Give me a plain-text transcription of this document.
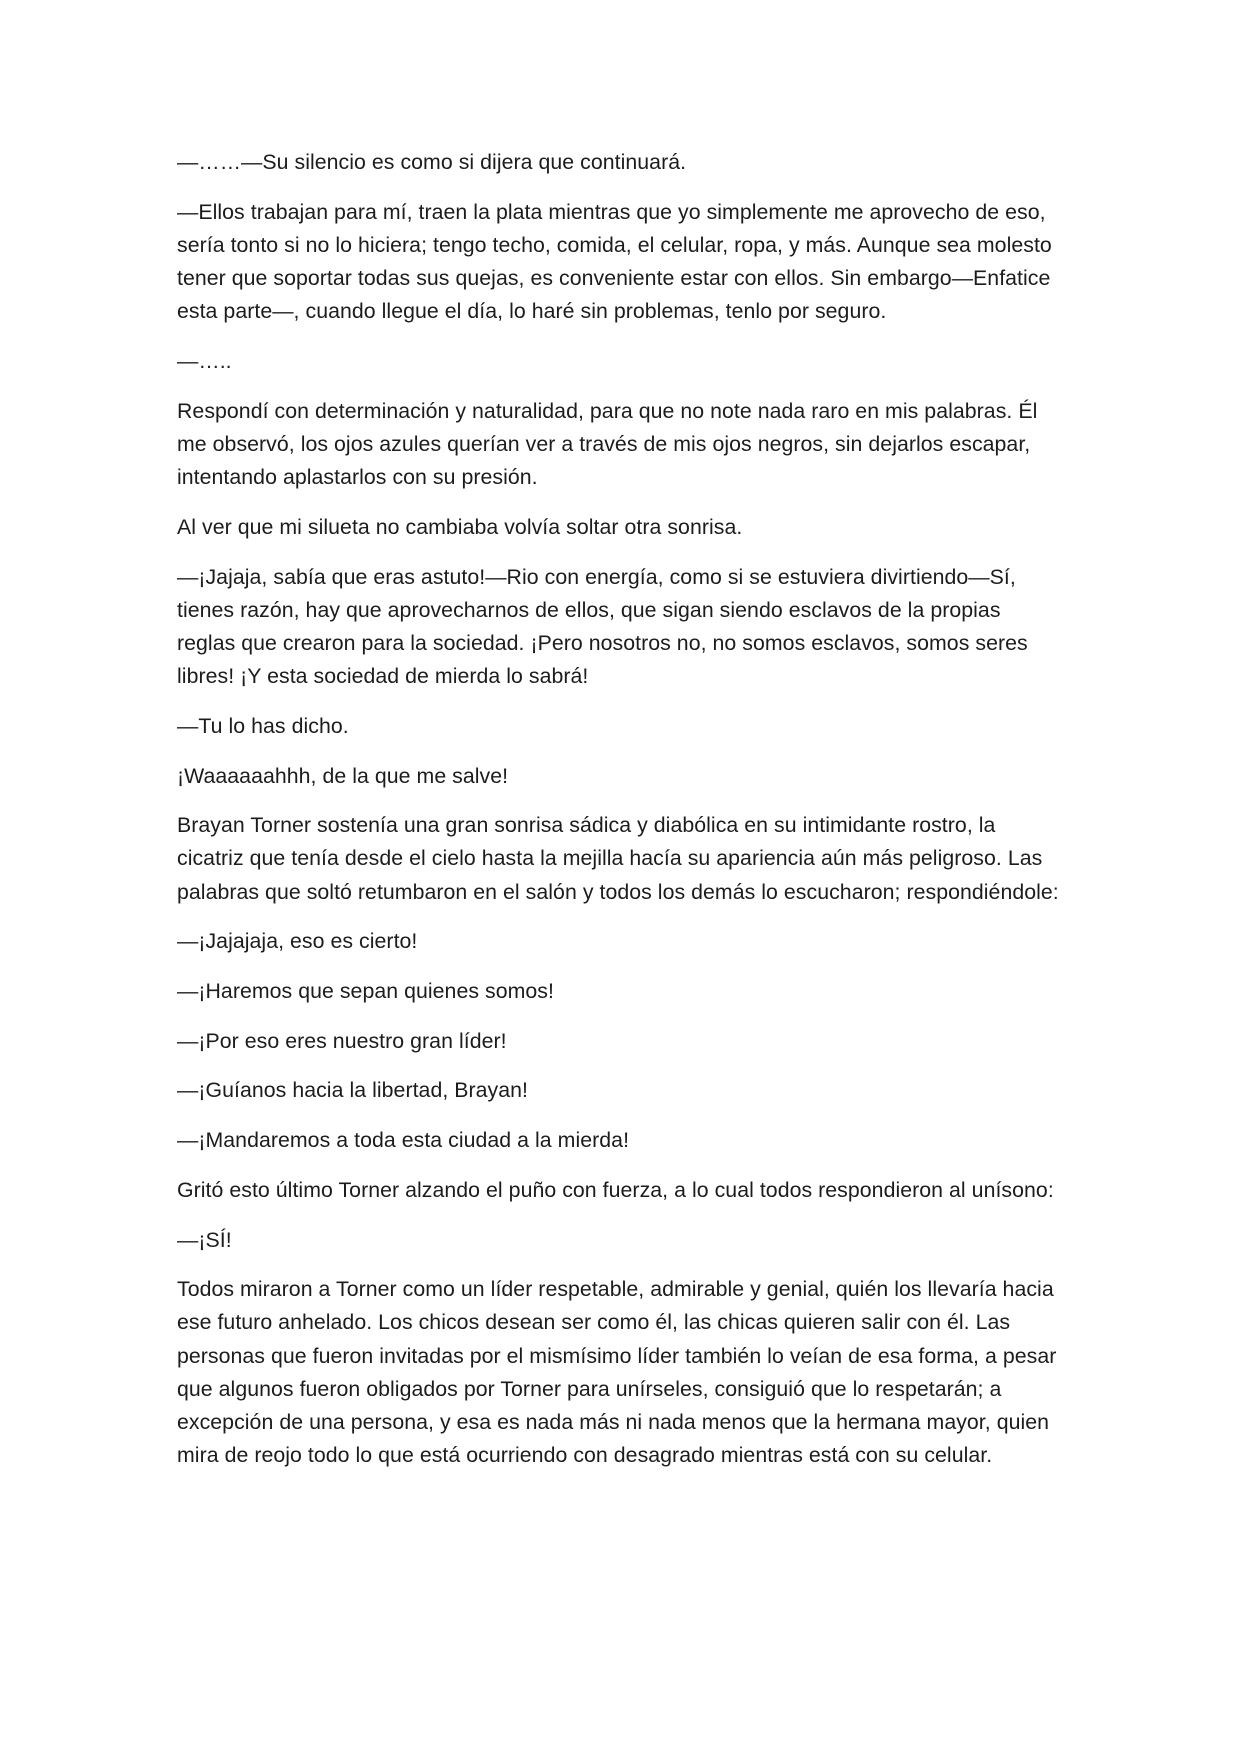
—……—Su silencio es como si dijera que continuará.

—Ellos trabajan para mí, traen la plata mientras que yo simplemente me aprovecho de eso, sería tonto si no lo hiciera; tengo techo, comida, el celular, ropa, y más. Aunque sea molesto tener que soportar todas sus quejas, es conveniente estar con ellos. Sin embargo—Enfatice esta parte—, cuando llegue el día, lo haré sin problemas, tenlo por seguro.

—…..

Respondí con determinación y naturalidad, para que no note nada raro en mis palabras. Él me observó, los ojos azules querían ver a través de mis ojos negros, sin dejarlos escapar, intentando aplastarlos con su presión.

Al ver que mi silueta no cambiaba volvía soltar otra sonrisa.

—¡Jajaja, sabía que eras astuto!—Rio con energía, como si se estuviera divirtiendo—Sí, tienes razón, hay que aprovecharnos de ellos, que sigan siendo esclavos de la propias reglas que crearon para la sociedad. ¡Pero nosotros no, no somos esclavos, somos seres libres! ¡Y esta sociedad de mierda lo sabrá!

—Tu lo has dicho.

¡Waaaaaahhh, de la que me salve!

Brayan Torner sostenía una gran sonrisa sádica y diabólica en su intimidante rostro, la cicatriz que tenía desde el cielo hasta la mejilla hacía su apariencia aún más peligroso. Las palabras que soltó retumbaron en el salón y todos los demás lo escucharon; respondiéndole:

—¡Jajajaja, eso es cierto!

—¡Haremos que sepan quienes somos!

—¡Por eso eres nuestro gran líder!

—¡Guíanos hacia la libertad, Brayan!

—¡Mandaremos a toda esta ciudad a la mierda!

Gritó esto último Torner alzando el puño con fuerza, a lo cual todos respondieron al unísono:

—¡SÍ!

Todos miraron a Torner como un líder respetable, admirable y genial, quién los llevaría hacia ese futuro anhelado. Los chicos desean ser como él, las chicas quieren salir con él. Las personas que fueron invitadas por el mismísimo líder también lo veían de esa forma, a pesar que algunos fueron obligados por Torner para unírseles, consiguió que lo respetarán; a excepción de una persona, y esa es nada más ni nada menos que la hermana mayor, quien mira de reojo todo lo que está ocurriendo con desagrado mientras está con su celular.
